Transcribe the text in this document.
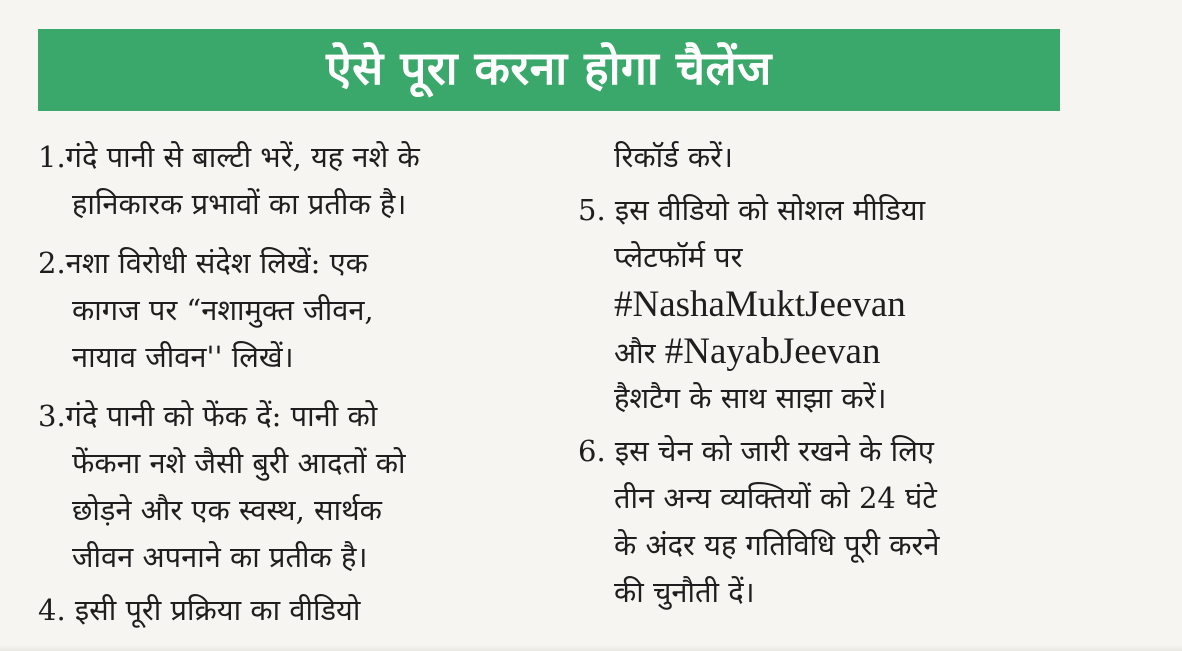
ऐसे पूरा करना होगा चैलेंज
1.गंदे पानी से बाल्टी भरें, यह नशे के
हानिकारक प्रभावों का प्रतीक है।
2.नशा विरोधी संदेश लिखें: एक
कागज पर “नशामुक्त जीवन,
नायाव जीवन'' लिखें।
3.गंदे पानी को फेंक दें: पानी को
फेंकना नशे जैसी बुरी आदतों को
छोड़ने और एक स्वस्थ, सार्थक
जीवन अपनाने का प्रतीक है।
4. इसी पूरी प्रक्रिया का वीडियो
रिकॉर्ड करें।
5. इस वीडियो को सोशल मीडिया
प्लेटफॉर्म पर
#NashaMuktJeevan
और #NayabJeevan
हैशटैग के साथ साझा करें।
6. इस चेन को जारी रखने के लिए
तीन अन्य व्यक्तियों को 24 घंटे
के अंदर यह गतिविधि पूरी करने
की चुनौती दें।
